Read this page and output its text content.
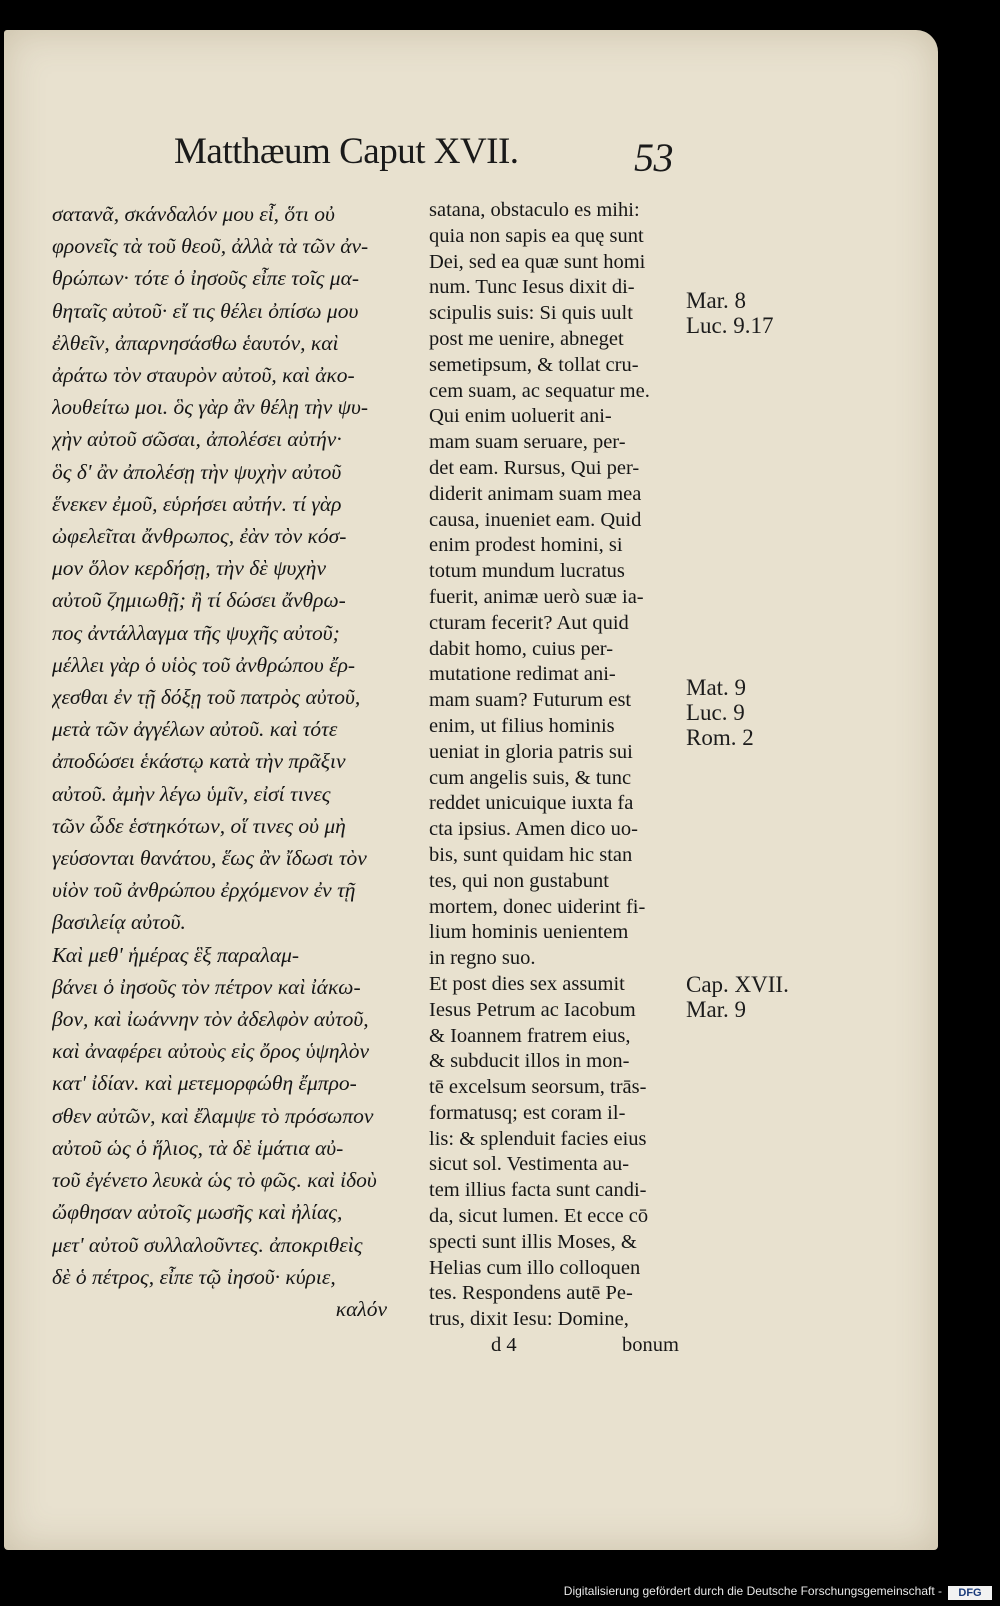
Matthæum Caput XVII.	53
σατανᾶ, σκάνδαλόν μου εἶ, ὅτι οὐ
φρονεῖς τὰ τοῦ θεοῦ, ἀλλὰ τὰ τῶν ἀν-
θρώπων· τότε ὁ ἰησοῦς εἶπε τοῖς μα-
θηταῖς αὐτοῦ· εἴ τις θέλει ὀπίσω μου
ἐλθεῖν, ἀπαρνησάσθω ἑαυτόν, καὶ
ἀράτω τὸν σταυρὸν αὐτοῦ, καὶ ἀκο-
λουθείτω μοι. ὃς γὰρ ἂν θέλῃ τὴν ψυ-
χὴν αὐτοῦ σῶσαι, ἀπολέσει αὐτήν·
ὃς δ' ἂν ἀπολέσῃ τὴν ψυχὴν αὐτοῦ
ἕνεκεν ἐμοῦ, εὑρήσει αὐτήν. τί γὰρ
ὠφελεῖται ἄνθρωπος, ἐὰν τὸν κόσ-
μον ὅλον κερδήσῃ, τὴν δὲ ψυχὴν
αὐτοῦ ζημιωθῇ; ἢ τί δώσει ἄνθρω-
πος ἀντάλλαγμα τῆς ψυχῆς αὐτοῦ;
μέλλει γὰρ ὁ υἱὸς τοῦ ἀνθρώπου ἔρ-
χεσθαι ἐν τῇ δόξῃ τοῦ πατρὸς αὐτοῦ,
μετὰ τῶν ἀγγέλων αὐτοῦ. καὶ τότε
ἀποδώσει ἑκάστῳ κατὰ τὴν πρᾶξιν
αὐτοῦ. ἀμὴν λέγω ὑμῖν, εἰσί τινες
τῶν ὧδε ἑστηκότων, οἵ τινες οὐ μὴ
γεύσονται θανάτου, ἕως ἂν ἴδωσι τὸν
υἱὸν τοῦ ἀνθρώπου ἐρχόμενον ἐν τῇ
βασιλείᾳ αὐτοῦ.
Καὶ μεθ' ἡμέρας ἓξ παραλαμ-
βάνει ὁ ἰησοῦς τὸν πέτρον καὶ ἰάκω-
βον, καὶ ἰωάννην τὸν ἀδελφὸν αὐτοῦ,
καὶ ἀναφέρει αὐτοὺς εἰς ὄρος ὑψηλὸν
κατ' ἰδίαν. καὶ μετεμορφώθη ἔμπρο-
σθεν αὐτῶν, καὶ ἔλαμψε τὸ πρόσωπον
αὐτοῦ ὡς ὁ ἥλιος, τὰ δὲ ἱμάτια αὐ-
τοῦ ἐγένετο λευκὰ ὡς τὸ φῶς. καὶ ἰδοὺ
ὤφθησαν αὐτοῖς μωσῆς καὶ ἠλίας,
μετ' αὐτοῦ συλλαλοῦντες. ἀποκριθεὶς
δὲ ὁ πέτρος, εἶπε τῷ ἰησοῦ· κύριε,
καλόν
satana, obstaculo es mihi:
quia non sapis ea quę sunt
Dei, sed ea quæ sunt homi
num. Tunc Iesus dixit di-
scipulis suis: Si quis uult
post me uenire, abneget
semetipsum, & tollat cru-
cem suam, ac sequatur me.
Qui enim uoluerit ani-
mam suam seruare, per-
det eam. Rursus, Qui per-
diderit animam suam mea
causa, inueniet eam. Quid
enim prodest homini, si
totum mundum lucratus
fuerit, animæ uerò suæ ia-
cturam fecerit? Aut quid
dabit homo, cuius per-
mutatione redimat ani-
mam suam? Futurum est
enim, ut filius hominis
ueniat in gloria patris sui
cum angelis suis, & tunc
reddet unicuique iuxta fa
cta ipsius. Amen dico uo-
bis, sunt quidam hic stan
tes, qui non gustabunt
mortem, donec uiderint fi-
lium hominis uenientem
in regno suo.
Et post dies sex assumit
Iesus Petrum ac Iacobum
& Ioannem fratrem eius,
& subducit illos in mon-
tē excelsum seorsum, trās-
formatusq; est coram il-
lis: & splenduit facies eius
sicut sol. Vestimenta au-
tem illius facta sunt candi-
da, sicut lumen. Et ecce cō
specti sunt illis Moses, &
Helias cum illo colloquen
tes. Respondens autē Pe-
trus, dixit Iesu: Domine,
d 4	bonum
Mar. 8
Luc. 9.17
Mat. 9
Luc. 9
Rom. 2
Cap. XVII.
Mar. 9
Digitalisierung gefördert durch die Deutsche Forschungsgemeinschaft -	DFG
